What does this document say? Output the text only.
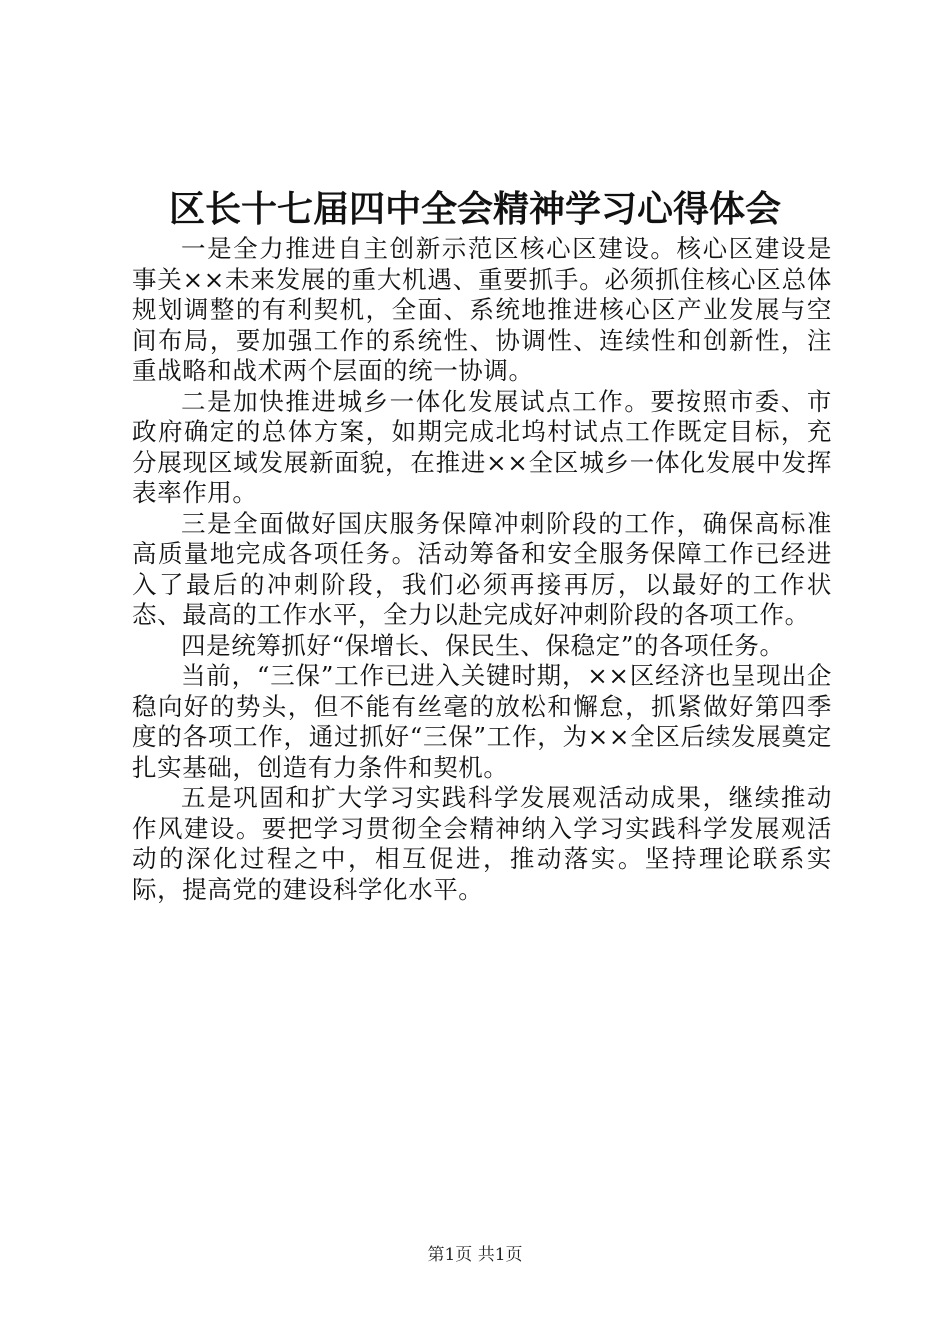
区长十七届四中全会精神学习心得体会

一是全力推进自主创新示范区核心区建设。核心区建设是事关××未来发展的重大机遇、重要抓手。必须抓住核心区总体规划调整的有利契机，全面、系统地推进核心区产业发展与空间布局，要加强工作的系统性、协调性、连续性和创新性，注重战略和战术两个层面的统一协调。

二是加快推进城乡一体化发展试点工作。要按照市委、市政府确定的总体方案，如期完成北坞村试点工作既定目标，充分展现区域发展新面貌，在推进××全区城乡一体化发展中发挥表率作用。

三是全面做好国庆服务保障冲刺阶段的工作，确保高标准高质量地完成各项任务。活动筹备和安全服务保障工作已经进入了最后的冲刺阶段，我们必须再接再厉，以最好的工作状态、最高的工作水平，全力以赴完成好冲刺阶段的各项工作。

四是统筹抓好“保增长、保民生、保稳定”的各项任务。

当前，“三保”工作已进入关键时期，××区经济也呈现出企稳向好的势头，但不能有丝毫的放松和懈怠，抓紧做好第四季度的各项工作，通过抓好“三保”工作，为××全区后续发展奠定扎实基础，创造有力条件和契机。

五是巩固和扩大学习实践科学发展观活动成果，继续推动作风建设。要把学习贯彻全会精神纳入学习实践科学发展观活动的深化过程之中，相互促进，推动落实。坚持理论联系实际，提高党的建设科学化水平。

第1页 共1页
